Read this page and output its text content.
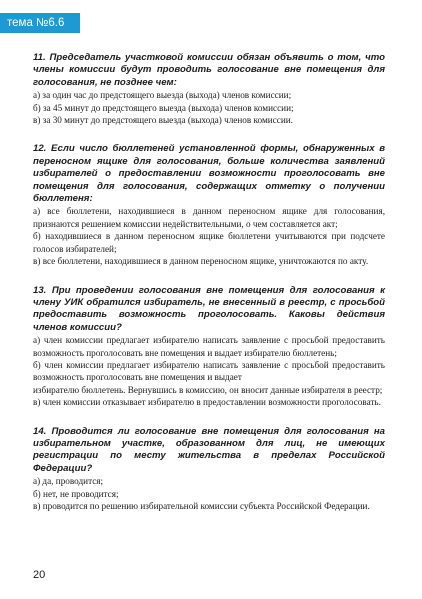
тема №6.6

11. Председатель участковой комиссии обязан объявить о том, что члены комиссии будут проводить голосование вне помещения для голосования, не позднее чем:

а) за один час до предстоящего выезда (выхода) членов комиссии;

б) за 45 минут до предстоящего выезда (выхода) членов комиссии;

в) за 30 минут до предстоящего выезда (выхода) членов комиссии.

12. Если число бюллетеней установленной формы, обнаруженных в переносном ящике для голосования, больше количества заявлений избирателей о предоставлении возможности проголосовать вне помещения для голосования, содержащих отметку о получении бюллетеня:

а) все бюллетени, находившиеся в данном переносном ящике для голосования, признаются решением комиссии недействительными, о чем составляется акт;

б) находившиеся в данном переносном ящике бюллетени учитываются при подсчете голосов избирателей;

в) все бюллетени, находившиеся в данном переносном ящике, уничтожаются по акту.

13. При проведении голосования вне помещения для голосования к члену УИК обратился избиратель, не внесенный в реестр, с просьбой предоставить возможность проголосовать. Каковы действия членов комиссии?

а) член комиссии предлагает избирателю написать заявление с просьбой предоставить возможность проголосовать вне помещения и выдает избирателю бюллетень;

б) член комиссии предлагает избирателю написать заявление с просьбой предоставить возможность проголосовать вне помещения и выдает

избирателю бюллетень. Вернувшись в комиссию, он вносит данные избирателя в реестр;

в) член комиссии отказывает избирателю в предоставлении возможности проголосовать.

14. Проводится ли голосование вне помещения для голосования на избирательном участке, образованном для лиц, не имеющих регистрации по месту жительства в пределах Российской Федерации?

а) да, проводится;

б) нет, не проводится;

в) проводится по решению избирательной комиссии субъекта Российской Федерации.

20
